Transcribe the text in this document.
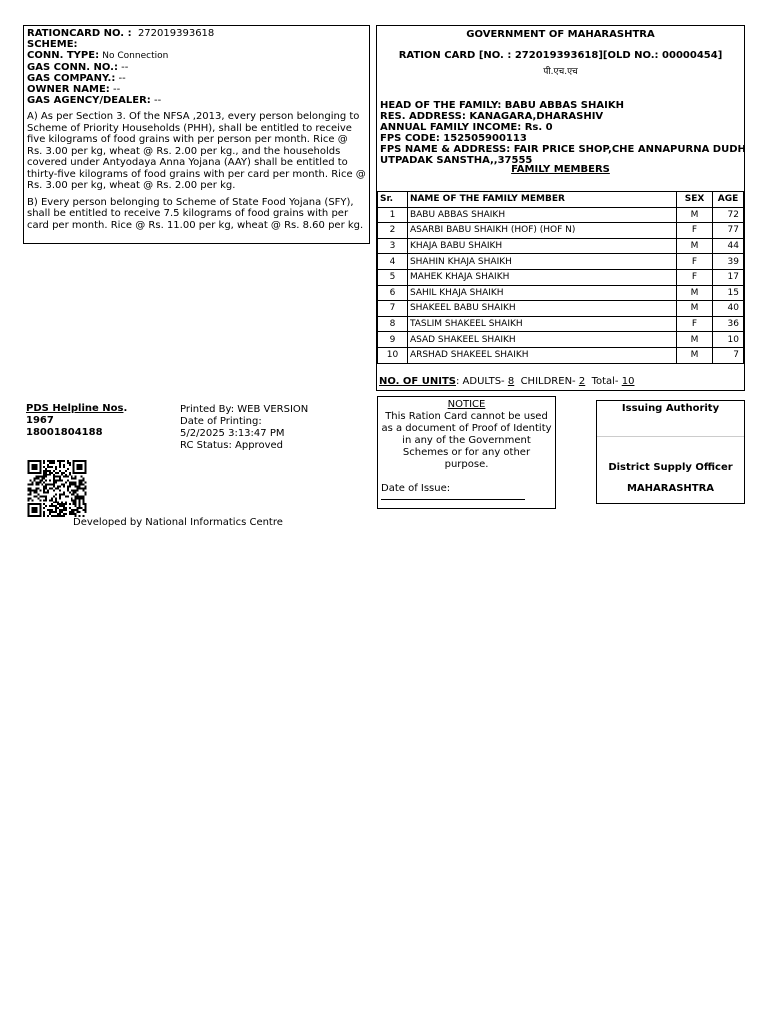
RATIONCARD NO. : 272019393618
SCHEME:
CONN. TYPE: No Connection
GAS CONN. NO.: --
GAS COMPANY.: --
OWNER NAME: --
GAS AGENCY/DEALER: --

A) As per Section 3. Of the NFSA ,2013, every person belonging to Scheme of Priority Households (PHH), shall be entitled to receive five kilograms of food grains with per person per month. Rice @ Rs. 3.00 per kg, wheat @ Rs. 2.00 per kg., and the households covered under Antyodaya Anna Yojana (AAY) shall be entitled to thirty-five kilograms of food grains with per card per month. Rice @ Rs. 3.00 per kg, wheat @ Rs. 2.00 per kg.

B) Every person belonging to Scheme of State Food Yojana (SFY), shall be entitled to receive 7.5 kilograms of food grains with per card per month. Rice @ Rs. 11.00 per kg, wheat @ Rs. 8.60 per kg.

GOVERNMENT OF MAHARASHTRA
RATION CARD [NO. : 272019393618][OLD NO.: 00000454]
पी.एच.एच
HEAD OF THE FAMILY: BABU ABBAS SHAIKH
RES. ADDRESS: KANAGARA,DHARASHIV
ANNUAL FAMILY INCOME: Rs. 0
FPS CODE: 152505900113
FPS NAME & ADDRESS: FAIR PRICE SHOP,CHE ANNAPURNA DUDH
UTPADAK SANSTHA,,37555
FAMILY MEMBERS
Sr.	NAME OF THE FAMILY MEMBER	SEX	AGE
1	BABU ABBAS SHAIKH	M	72
2	ASARBI BABU SHAIKH (HOF) (HOF N)	F	77
3	KHAJA BABU SHAIKH	M	44
4	SHAHIN KHAJA SHAIKH	F	39
5	MAHEK KHAJA SHAIKH	F	17
6	SAHIL KHAJA SHAIKH	M	15
7	SHAKEEL BABU SHAIKH	M	40
8	TASLIM SHAKEEL SHAIKH	F	36
9	ASAD SHAKEEL SHAIKH	M	10
10	ARSHAD SHAKEEL SHAIKH	M	7
NO. OF UNITS: ADULTS- 8 CHILDREN- 2 Total- 10
PDS Helpline Nos.
1967
18001804188
Printed By: WEB VERSION
Date of Printing:
5/2/2025 3:13:47 PM
RC Status: Approved
Developed by National Informatics Centre
NOTICE
This Ration Card cannot be used as a document of Proof of Identity in any of the Government Schemes or for any other purpose.
Date of Issue:
Issuing Authority
District Supply Officer
MAHARASHTRA
